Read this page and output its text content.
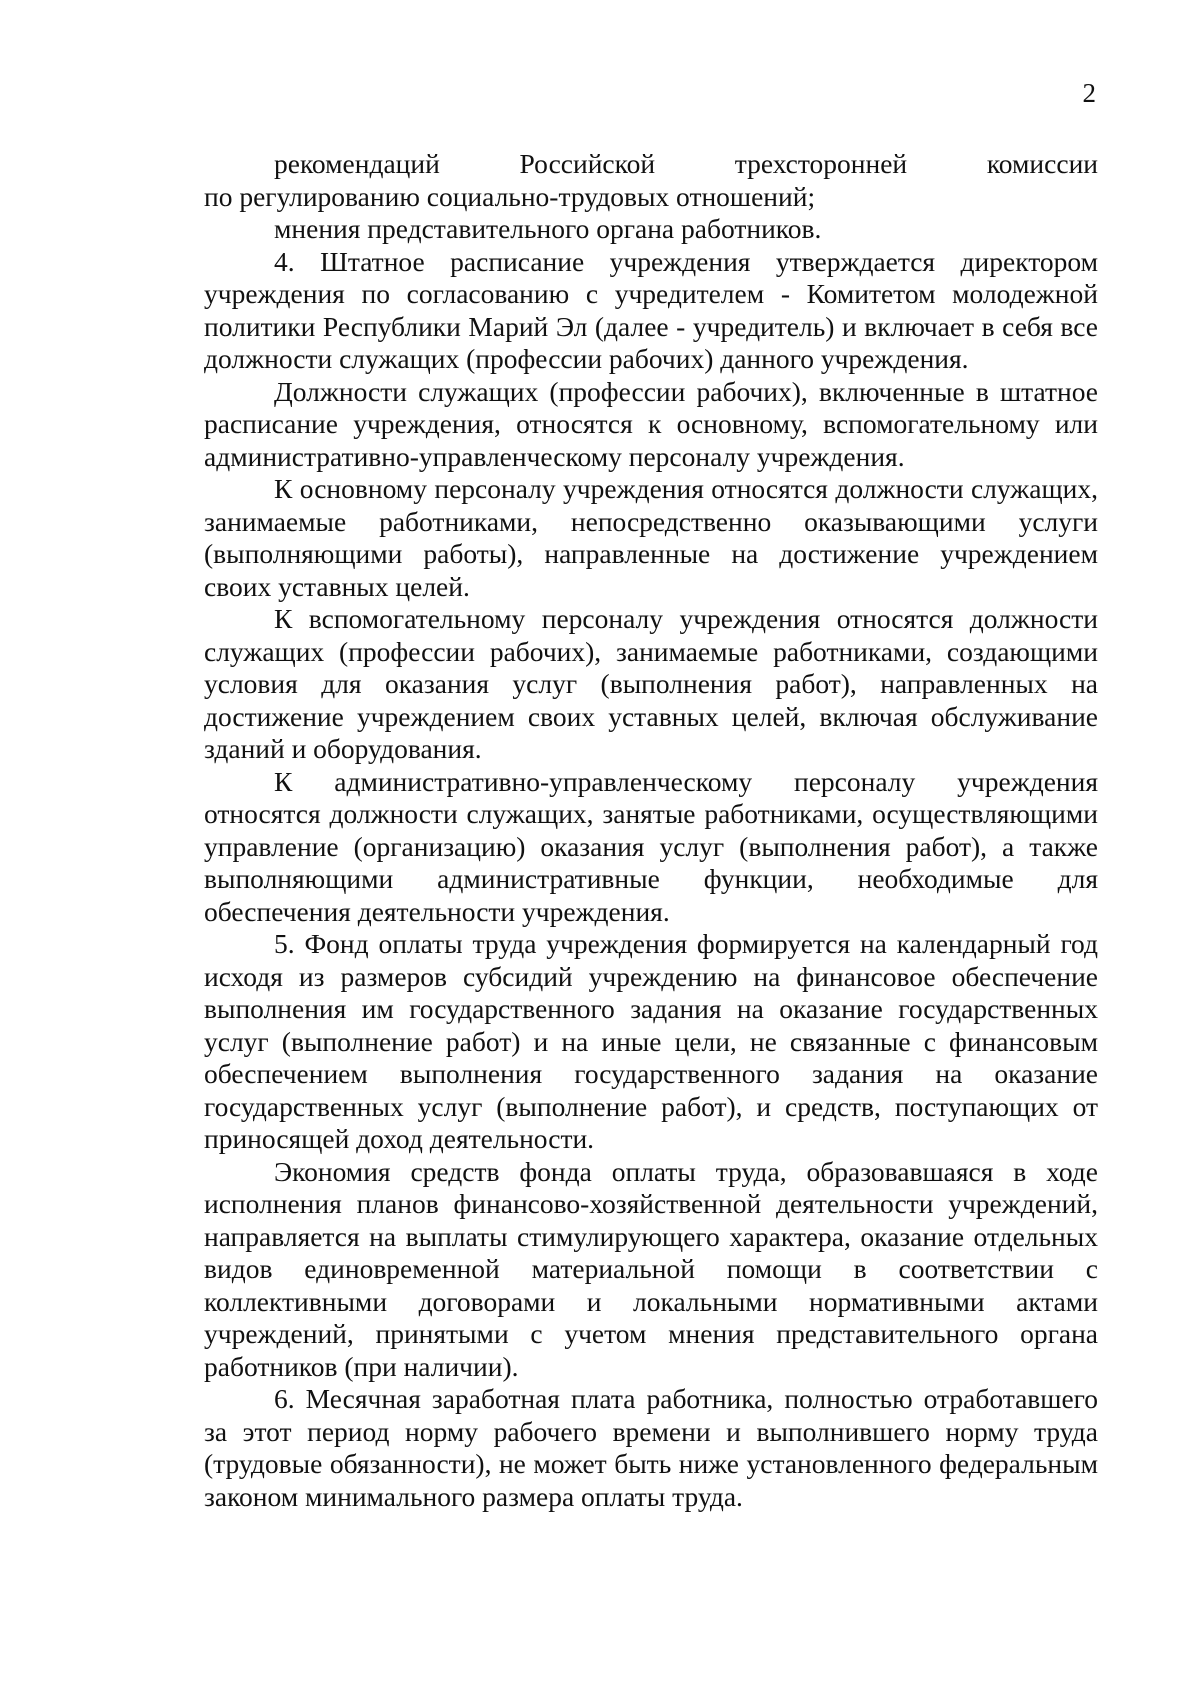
2

рекомендаций Российской трехсторонней комиссии

по регулированию социально-трудовых отношений;

мнения представительного органа работников.

4. Штатное расписание учреждения утверждается директором учреждения по согласованию с учредителем - Комитетом молодежной политики Республики Марий Эл (далее - учредитель) и включает в себя все должности служащих (профессии рабочих) данного учреждения.

Должности служащих (профессии рабочих), включенные в штатное расписание учреждения, относятся к основному, вспомогательному или административно-управленческому персоналу учреждения.

К основному персоналу учреждения относятся должности служащих, занимаемые работниками, непосредственно оказывающими услуги (выполняющими работы), направленные на достижение учреждением своих уставных целей.

К вспомогательному персоналу учреждения относятся должности служащих (профессии рабочих), занимаемые работниками, создающими условия для оказания услуг (выполнения работ), направленных на достижение учреждением своих уставных целей, включая обслуживание зданий и оборудования.

К административно-управленческому персоналу учреждения относятся должности служащих, занятые работниками, осуществляющими управление (организацию) оказания услуг (выполнения работ), а также выполняющими административные функции, необходимые для обеспечения деятельности учреждения.

5. Фонд оплаты труда учреждения формируется на календарный год исходя из размеров субсидий учреждению на финансовое обеспечение выполнения им государственного задания на оказание государственных услуг (выполнение работ) и на иные цели, не связанные с финансовым обеспечением выполнения государственного задания на оказание государственных услуг (выполнение работ), и средств, поступающих от приносящей доход деятельности.

Экономия средств фонда оплаты труда, образовавшаяся в ходе исполнения планов финансово-хозяйственной деятельности учреждений, направляется на выплаты стимулирующего характера, оказание отдельных видов единовременной материальной помощи в соответствии с коллективными договорами и локальными нормативными актами учреждений, принятыми с учетом мнения представительного органа работников (при наличии).

6. Месячная заработная плата работника, полностью отработавшего за этот период норму рабочего времени и выполнившего норму труда (трудовые обязанности), не может быть ниже установленного федеральным законом минимального размера оплаты труда.
